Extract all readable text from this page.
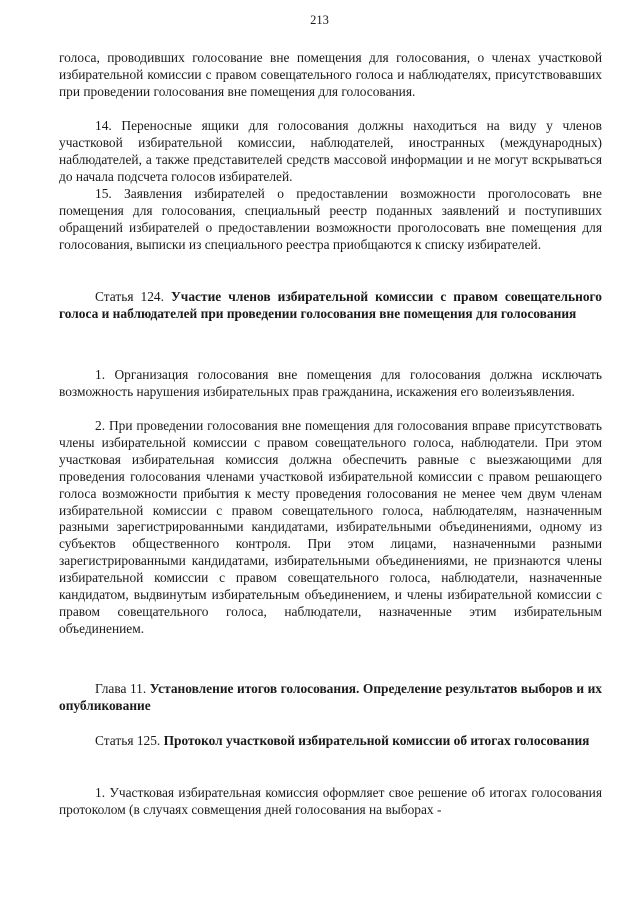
213

голоса, проводивших голосование вне помещения для голосования, о членах участковой избирательной комиссии с правом совещательного голоса и наблюдателях, присутствовавших при проведении голосования вне помещения для голосования.

14. Переносные ящики для голосования должны находиться на виду у членов участковой избирательной комиссии, наблюдателей, иностранных (международных) наблюдателей, а также представителей средств массовой информации и не могут вскрываться до начала подсчета голосов избирателей.

15. Заявления избирателей о предоставлении возможности проголосовать вне помещения для голосования, специальный реестр поданных заявлений и поступивших обращений избирателей о предоставлении возможности проголосовать вне помещения для голосования, выписки из специального реестра приобщаются к списку избирателей.

Статья 124. Участие членов избирательной комиссии с правом совещательного голоса и наблюдателей при проведении голосования вне помещения для голосования

1. Организация голосования вне помещения для голосования должна исключать возможность нарушения избирательных прав гражданина, искажения его волеизъявления.

2. При проведении голосования вне помещения для голосования вправе присутствовать члены избирательной комиссии с правом совещательного голоса, наблюдатели. При этом участковая избирательная комиссия должна обеспечить равные с выезжающими для проведения голосования членами участковой избирательной комиссии с правом решающего голоса возможности прибытия к месту проведения голосования не менее чем двум членам избирательной комиссии с правом совещательного голоса, наблюдателям, назначенным разными зарегистрированными кандидатами, избирательными объединениями, одному из субъектов общественного контроля. При этом лицами, назначенными разными зарегистрированными кандидатами, избирательными объединениями, не признаются члены избирательной комиссии с правом совещательного голоса, наблюдатели, назначенные кандидатом, выдвинутым избирательным объединением, и члены избирательной комиссии с правом совещательного голоса, наблюдатели, назначенные этим избирательным объединением.

Глава 11. Установление итогов голосования. Определение результатов выборов и их опубликование

Статья 125. Протокол участковой избирательной комиссии об итогах голосования

1. Участковая избирательная комиссия оформляет свое решение об итогах голосования протоколом (в случаях совмещения дней голосования на выборах -
